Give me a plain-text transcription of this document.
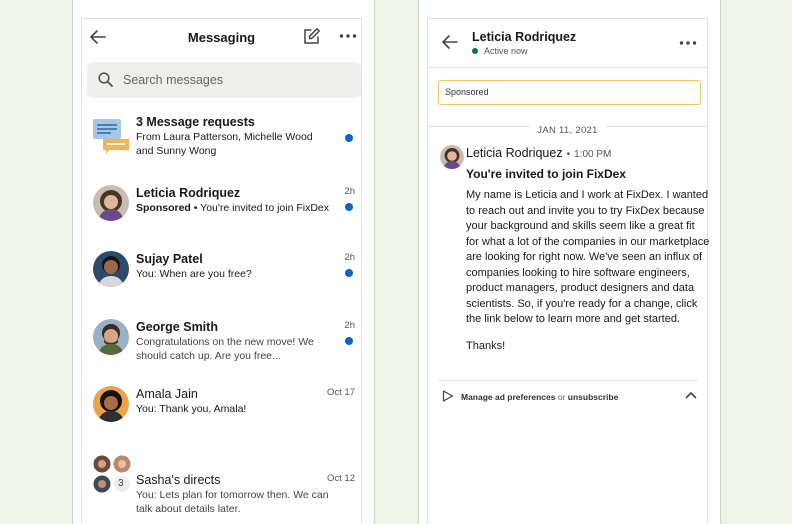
Messaging
Search messages
3 Message requests
From Laura Patterson, Michelle Wood and Sunny Wong
Leticia Rodriquez
Sponsored • You're invited to join FixDex
2h
Sujay Patel
You: When are you free?
2h
George Smith
Congratulations on the new move! We should catch up. Are you free...
2h
Amala Jain
You: Thank you, Amala!
Oct 17
3 Sasha's directs
You: Lets plan for tomorrow then. We can talk about details later.
Oct 12
Leticia Rodriquez
Active now
Sponsored
JAN 11, 2021
Leticia Rodriquez • 1:00 PM
You're invited to join FixDex
My name is Leticia and I work at FixDex. I wanted to reach out and invite you to try FixDex because your background and skills seem like a great fit for what a lot of the companies in our marketplace are looking for right now. We've seen an influx of companies looking to hire software engineers, product managers, product designers and data scientists. So, if you're ready for a change, click the link below to learn more and get started.
Thanks!
Manage ad preferences or unsubscribe
